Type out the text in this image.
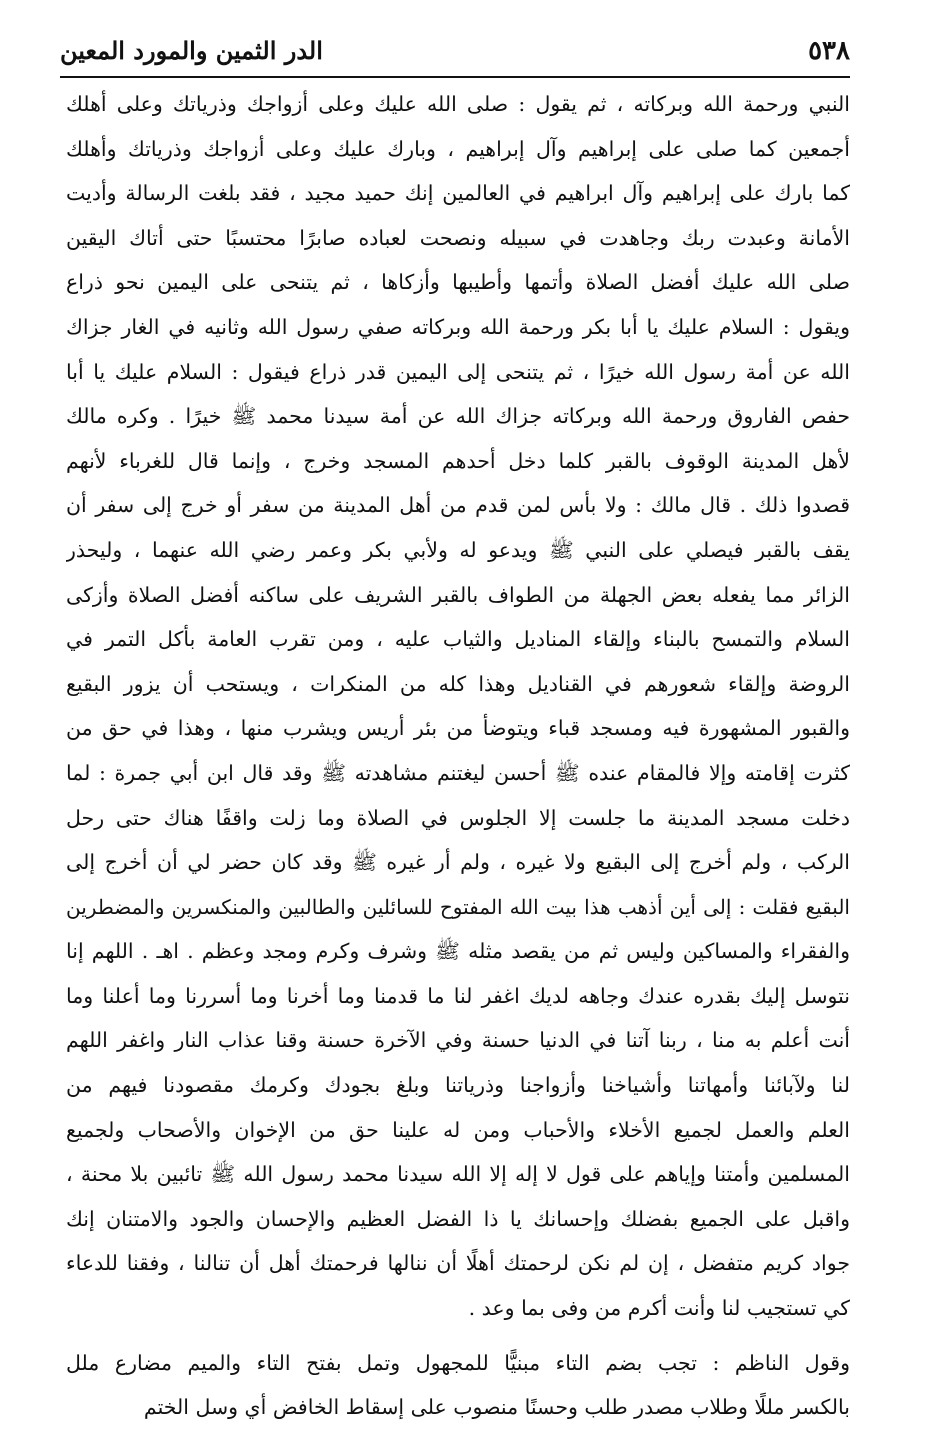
٥٣٨
الدر الثمين والمورد المعين
النبي ورحمة الله وبركاته ، ثم يقول : صلى الله عليك وعلى أزواجك وذرياتك وعلى أهلك
أجمعين كما صلى على إبراهيم وآل إبراهيم ، وبارك عليك وعلى أزواجك وذرياتك وأهلك
كما بارك على إبراهيم وآل ابراهيم في العالمين إنك حميد مجيد ، فقد بلغت الرسالة وأديت
الأمانة وعبدت ربك وجاهدت في سبيله ونصحت لعباده صابرًا محتسبًا حتى أتاك اليقين
صلى الله عليك أفضل الصلاة وأتمها وأطيبها وأزكاها ، ثم يتنحى على اليمين نحو ذراع
ويقول : السلام عليك يا أبا بكر ورحمة الله وبركاته صفي رسول الله وثانيه في الغار جزاك
الله عن أمة رسول الله خيرًا ، ثم يتنحى إلى اليمين قدر ذراع فيقول : السلام عليك يا أبا
حفص الفاروق ورحمة الله وبركاته جزاك الله عن أمة سيدنا محمد ﷺ خيرًا . وكره مالك
لأهل المدينة الوقوف بالقبر كلما دخل أحدهم المسجد وخرج ، وإنما قال للغرباء لأنهم
قصدوا ذلك . قال مالك : ولا بأس لمن قدم من أهل المدينة من سفر أو خرج إلى سفر أن
يقف بالقبر فيصلي على النبي ﷺ ويدعو له ولأبي بكر وعمر رضي الله عنهما ، وليحذر
الزائر مما يفعله بعض الجهلة من الطواف بالقبر الشريف على ساكنه أفضل الصلاة وأزكى
السلام والتمسح بالبناء وإلقاء المناديل والثياب عليه ، ومن تقرب العامة بأكل التمر في
الروضة وإلقاء شعورهم في القناديل وهذا كله من المنكرات ، ويستحب أن يزور البقيع
والقبور المشهورة فيه ومسجد قباء ويتوضأ من بئر أريس ويشرب منها ، وهذا في حق من
كثرت إقامته وإلا فالمقام عنده ﷺ أحسن ليغتنم مشاهدته ﷺ وقد قال ابن أبي جمرة : لما
دخلت مسجد المدينة ما جلست إلا الجلوس في الصلاة وما زلت واقفًا هناك حتى رحل
الركب ، ولم أخرج إلى البقيع ولا غيره ، ولم أر غيره ﷺ وقد كان حضر لي أن أخرج إلى
البقيع فقلت : إلى أين أذهب هذا بيت الله المفتوح للسائلين والطالبين والمنكسرين والمضطرين
والفقراء والمساكين وليس ثم من يقصد مثله ﷺ وشرف وكرم ومجد وعظم . اهـ . اللهم إنا
نتوسل إليك بقدره عندك وجاهه لديك اغفر لنا ما قدمنا وما أخرنا وما أسررنا وما أعلنا وما
أنت أعلم به منا ، ربنا آتنا في الدنيا حسنة وفي الآخرة حسنة وقنا عذاب النار واغفر اللهم
لنا ولآبائنا وأمهاتنا وأشياخنا وأزواجنا وذرياتنا وبلغ بجودك وكرمك مقصودنا فيهم من
العلم والعمل لجميع الأخلاء والأحباب ومن له علينا حق من الإخوان والأصحاب ولجميع
المسلمين وأمتنا وإياهم على قول لا إله إلا الله سيدنا محمد رسول الله ﷺ تائبين بلا محنة ،
واقبل على الجميع بفضلك وإحسانك يا ذا الفضل العظيم والإحسان والجود والامتنان إنك
جواد كريم متفضل ، إن لم نكن لرحمتك أهلًا أن ننالها فرحمتك أهل أن تنالنا ، وفقنا للدعاء
كي تستجيب لنا وأنت أكرم من وفى بما وعد .
وقول الناظم : تجب بضم التاء مبنيًّا للمجهول وتمل بفتح التاء والميم مضارع ملل
بالكسر مللًا وطلاب مصدر طلب وحسنًا منصوب على إسقاط الخافض أي وسل الختم
